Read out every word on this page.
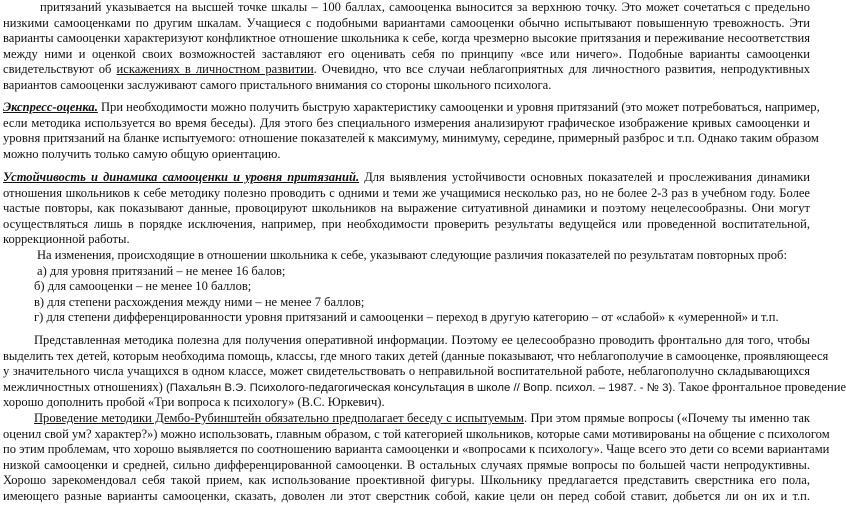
притязаний указывается на высшей точке шкалы – 100 баллах, самооценка выносится за верхнюю точку. Это может сочетаться с предельно
низкими самооценками по другим шкалам. Учащиеся с подобными вариантами самооценки обычно испытывают повышенную тревожность. Эти
варианты самооценки характеризуют конфликтное отношение школьника к себе, когда чрезмерно высокие притязания и переживание несоответствия
между ними и оценкой своих возможностей заставляют его оценивать себя по принципу «все или ничего». Подобные варианты самооценки
свидетельствуют об искажениях в личностном развитии. Очевидно, что все случаи неблагоприятных для личностного развития, непродуктивных
вариантов самооценки заслуживают самого пристального внимания со стороны школьного психолога.
Экспресс-оценка. При необходимости можно получить быструю характеристику самооценки и уровня притязаний (это может потребоваться, например,
если методика используется во время беседы). Для этого без специального измерения анализируют графическое изображение кривых самооценки и
уровня притязаний на бланке испытуемого: отношение показателей к максимуму, минимуму, середине, примерный разброс и т.п. Однако таким образом
можно получить только самую общую ориентацию.
Устойчивость и динамика самооценки и уровня притязаний. Для выявления устойчивости основных показателей и прослеживания динамики
отношения школьников к себе методику полезно проводить с одними и теми же учащимися несколько раз, но не более 2-3 раз в учебном году. Более
частые повторы, как показывают данные, провоцируют школьников на выражение ситуативной динамики и поэтому нецелесообразны. Они могут
осуществляться лишь в порядке исключения, например, при необходимости проверить результаты ведущейся или проведенной воспитательной,
коррекционной работы.
На изменения, происходящие в отношении школьника к себе, указывают следующие различия показателей по результатам повторных проб:
а) для уровня притязаний – не менее 16 балов;
б) для самооценки – не менее 10 баллов;
в) для степени расхождения между ними – не менее 7 баллов;
г) для степени дифференцированности уровня притязаний и самооценки – переход в другую категорию – от «слабой» к «умеренной» и т.п.
Представленная методика полезна для получения оперативной информации. Поэтому ее целесообразно проводить фронтально для того, чтобы
выделить тех детей, которым необходима помощь, классы, где много таких детей (данные показывают, что неблагополучие в самооценке, проявляющееся
у значительного числа учащихся в одном классе, может свидетельствовать о неправильной воспитательной работе, неблагополучно складывающихся
межличностных отношениях) (Пахальян В.Э. Психолого-педагогическая консультация в школе // Вопр. психол. – 1987. - № 3). Такое фронтальное проведение
хорошо дополнить пробой «Три вопроса к психологу» (В.С. Юркевич).
Проведение методики Дембо-Рубинштейн обязательно предполагает беседу с испытуемым. При этом прямые вопросы («Почему ты именно так
оценил свой ум? характер?») можно использовать, главным образом, с той категорией школьников, которые сами мотивированы на общение с психологом
по этим проблемам, что хорошо выявляется по соотношению варианта самооценки и «вопросами к психологу». Чаще всего это дети со всеми вариантами
низкой самооценки и средней, сильно дифференцированной самооценки. В остальных случаях прямые вопросы по большей части непродуктивны.
Хорошо зарекомендовал себя такой прием, как использование проективной фигуры. Школьнику предлагается представить сверстника его пола,
имеющего разные варианты самооценки, сказать, доволен ли этот сверстник собой, какие цели он перед собой ставит, добьется ли он их и т.п.
